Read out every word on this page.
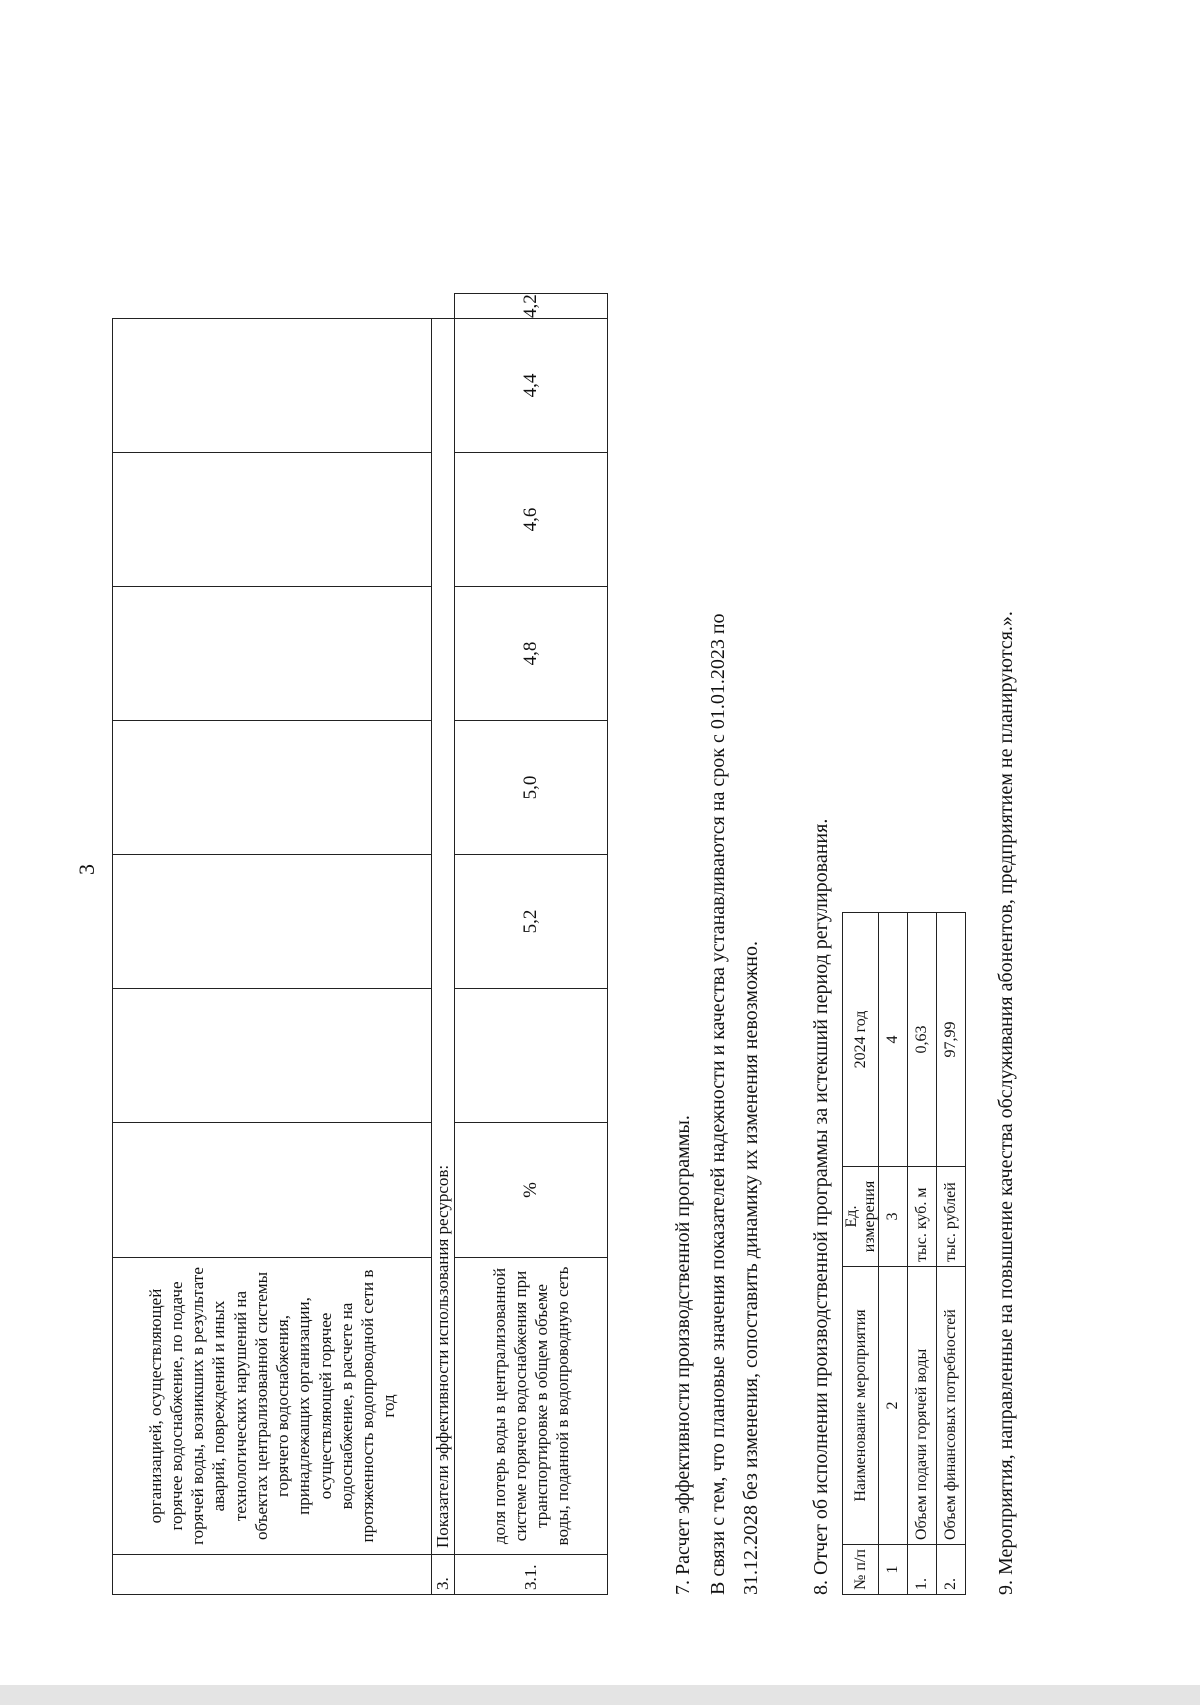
3
	организацией, осуществляющей горячее водоснабжение, по подаче горячей воды, возникших в результате аварий, повреждений и иных технологических нарушений на объектах централизованной системы горячего водоснабжения, принадлежащих организации, осуществляющей горячее водоснабжение, в расчете на протяженность водопроводной сети в год								
3.	Показатели эффективности использования ресурсов:								
3.1.	доля потерь воды в централизованной системе горячего водоснабжения при транспортировке в общем объеме воды, поданной в водопроводную сеть	%		5,2	5,0	4,8	4,6	4,4	4,2
7. Расчет эффективности производственной программы. В связи с тем, что плановые значения показателей надежности и качества устанавливаются на срок с 01.01.2023 по 31.12.2028 без изменения, сопоставить динамику их изменения невозможно. 8. Отчет об исполнении производственной программы за истекший период регулирования. № п/п	Наименование мероприятия	Ед. измерения	2024 год
1	2	3	4
1.	Объем подачи горячей воды	тыс. куб. м	0,63
2.	Объем финансовых потребностей	тыс. рублей	97,99 9. Мероприятия, направленные на повышение качества обслуживания абонентов, предприятием не планируются.».
